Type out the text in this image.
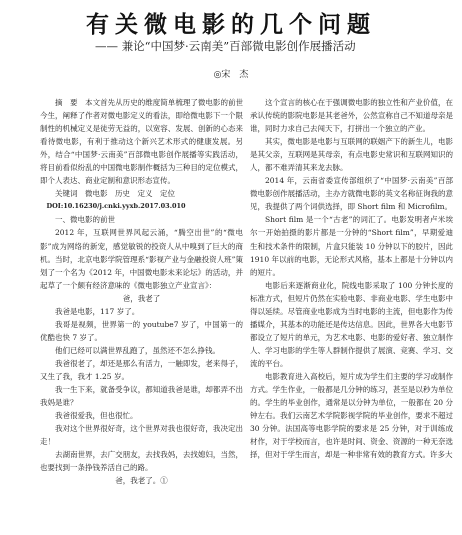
有关微电影的几个问题
—— 兼论“中国梦·云南美”百部微电影创作展播活动
◎宋　杰

摘　要　本文首先从历史的维度简单梳理了微电影的前世今生，阐释了作者对微电影定义的看法，即给微电影下一个限制性的机械定义是徒劳无益的，以宽容、发展、创新的心态来看待微电影，有利于推动这个新兴艺术形式的健康发展。另外，结合“中国梦·云南美”百部微电影创作展播等实践活动，将目前看似纷乱的中国微电影制作概括为三种目的定位模式，即个人表达、商业定制和意识形态宣传。

关键词　微电影　历史　定义　定位

DOI:10.16230/j.cnki.yyxb.2017.03.010

一、微电影的前世

2012 年，互联网世界风起云涌，“腾空出世”的“微电影”成为网络的新宠，感觉敏锐的投资人从中嗅到了巨大的商机。当时，北京电影学院管理系“影视产业与金融投资人班”策划了一个名为《2012 年，中国微电影未来论坛》的活动，并起草了一个颇有经济意味的《微电影独立产业宣言》：

爸，我老了

我爸是电影，117 岁了。

我哥是视频，世界第一的 youtube7 岁了，中国第一的优酷也快 7 岁了。

他们已经可以满世界乱跑了，虽然还不怎么挣钱。

我爸很老了，却还是那么有活力，一触即发，老来得子，又生了我，我才 1.25 岁。

我一生下来，就备受争议，都知道我爸是谁，却都弄不出我妈是谁？

我爸很爱我，但也很忙。

我对这个世界很好奇，这个世界对我也很好奇，我决定出走！

去湖南世界，去广交朋友，去找我妈，去找媳妇，当然，也要找到一条挣钱养活自己的路。

爸，我老了。①

这个宣言的核心在于强调微电影的独立性和产业价值，在承认传统的影院电影是其老爸外，公然宣称自己不知道母亲是谁，同时力求自己去闯天下，打拼出一个独立的产业。

其实，微电影是电影与互联网的联姻产下的新生儿，电影是其父亲，互联网是其母亲，有点电影史常识和互联网知识的人，都不难弄清其来龙去脉。

2014 年，云南省委宣传部组织了“中国梦·云南美”百部微电影创作展播活动，主办方就微电影的英文名称征询我的意见，我提供了两个词供选择，即 Short film 和 Microfilm。

Short film 是一个“古老”的词汇了。电影发明者卢米埃尔一开始拍摄的影片都是一分钟的“Short film”，早期爱迪生和技术条件的限制，片盒只能装 10 分钟以下的胶片，因此 1910 年以前的电影，无论形式风格，基本上都是十分钟以内的短片。

电影后来逐渐商业化，院线电影采取了 100 分钟长度的标准方式，但短片仍然在实验电影、非商业电影、学生电影中得以延续。尽管商业电影成为当时电影的主流，但电影作为传播媒介，其基本的功能还是传达信息。因此，世界各大电影节都设立了短片的单元，为艺术电影、电影的爱好者、独立制作人、学习电影的学生等人群制作提供了展演、竞赛、学习、交流的平台。

电影教育进入高校后，短片成为学生们主要的学习或制作方式。学生作业，一般都是几分钟的练习，甚至是以秒为单位的。学生的毕业创作，通常是以分钟为单位，一般都在 20 分钟左右。我们云南艺术学院影视学院的毕业创作，要求不超过 30 分钟。法国高等电影学院的要求是 25 分钟，对于训练成材作，对于学校而言，也许是时间、资金、资源的一种无奈选择，但对于学生而言，却是一种非常有效的教育方式。许多大
